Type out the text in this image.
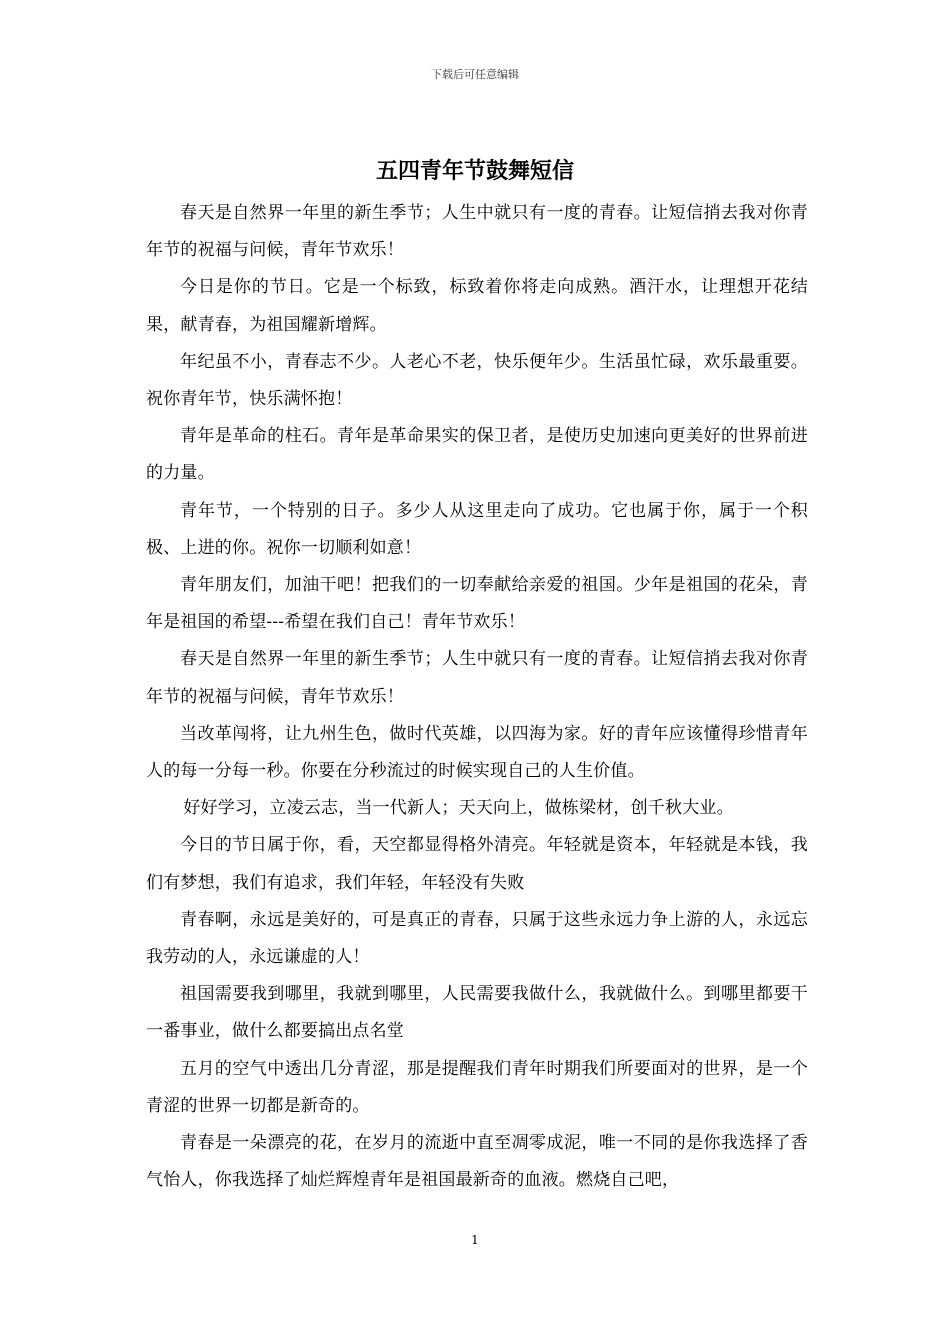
下载后可任意编辑
五四青年节鼓舞短信

春天是自然界一年里的新生季节；人生中就只有一度的青春。让短信捎去我对你青年节的祝福与问候，青年节欢乐！

今日是你的节日。它是一个标致，标致着你将走向成熟。酒汗水，让理想开花结果，献青春，为祖国耀新增辉。

年纪虽不小，青春志不少。人老心不老，快乐便年少。生活虽忙碌，欢乐最重要。祝你青年节，快乐满怀抱！

青年是革命的柱石。青年是革命果实的保卫者，是使历史加速向更美好的世界前进的力量。

青年节，一个特别的日子。多少人从这里走向了成功。它也属于你，属于一个积极、上进的你。祝你一切顺利如意！

青年朋友们，加油干吧！把我们的一切奉献给亲爱的祖国。少年是祖国的花朵，青年是祖国的希望---希望在我们自己！青年节欢乐！

春天是自然界一年里的新生季节；人生中就只有一度的青春。让短信捎去我对你青年节的祝福与问候，青年节欢乐！

当改革闯将，让九州生色，做时代英雄，以四海为家。好的青年应该懂得珍惜青年人的每一分每一秒。你要在分秒流过的时候实现自己的人生价值。

好好学习，立凌云志，当一代新人；天天向上，做栋梁材，创千秋大业。

今日的节日属于你，看，天空都显得格外清亮。年轻就是资本，年轻就是本钱，我们有梦想，我们有追求，我们年轻，年轻没有失败

青春啊，永远是美好的，可是真正的青春，只属于这些永远力争上游的人，永远忘我劳动的人，永远谦虚的人！

祖国需要我到哪里，我就到哪里，人民需要我做什么，我就做什么。到哪里都要干一番事业，做什么都要搞出点名堂

五月的空气中透出几分青涩，那是提醒我们青年时期我们所要面对的世界，是一个青涩的世界一切都是新奇的。

青春是一朵漂亮的花，在岁月的流逝中直至凋零成泥，唯一不同的是你我选择了香气怡人，你我选择了灿烂辉煌青年是祖国最新奇的血液。燃烧自己吧，

1
